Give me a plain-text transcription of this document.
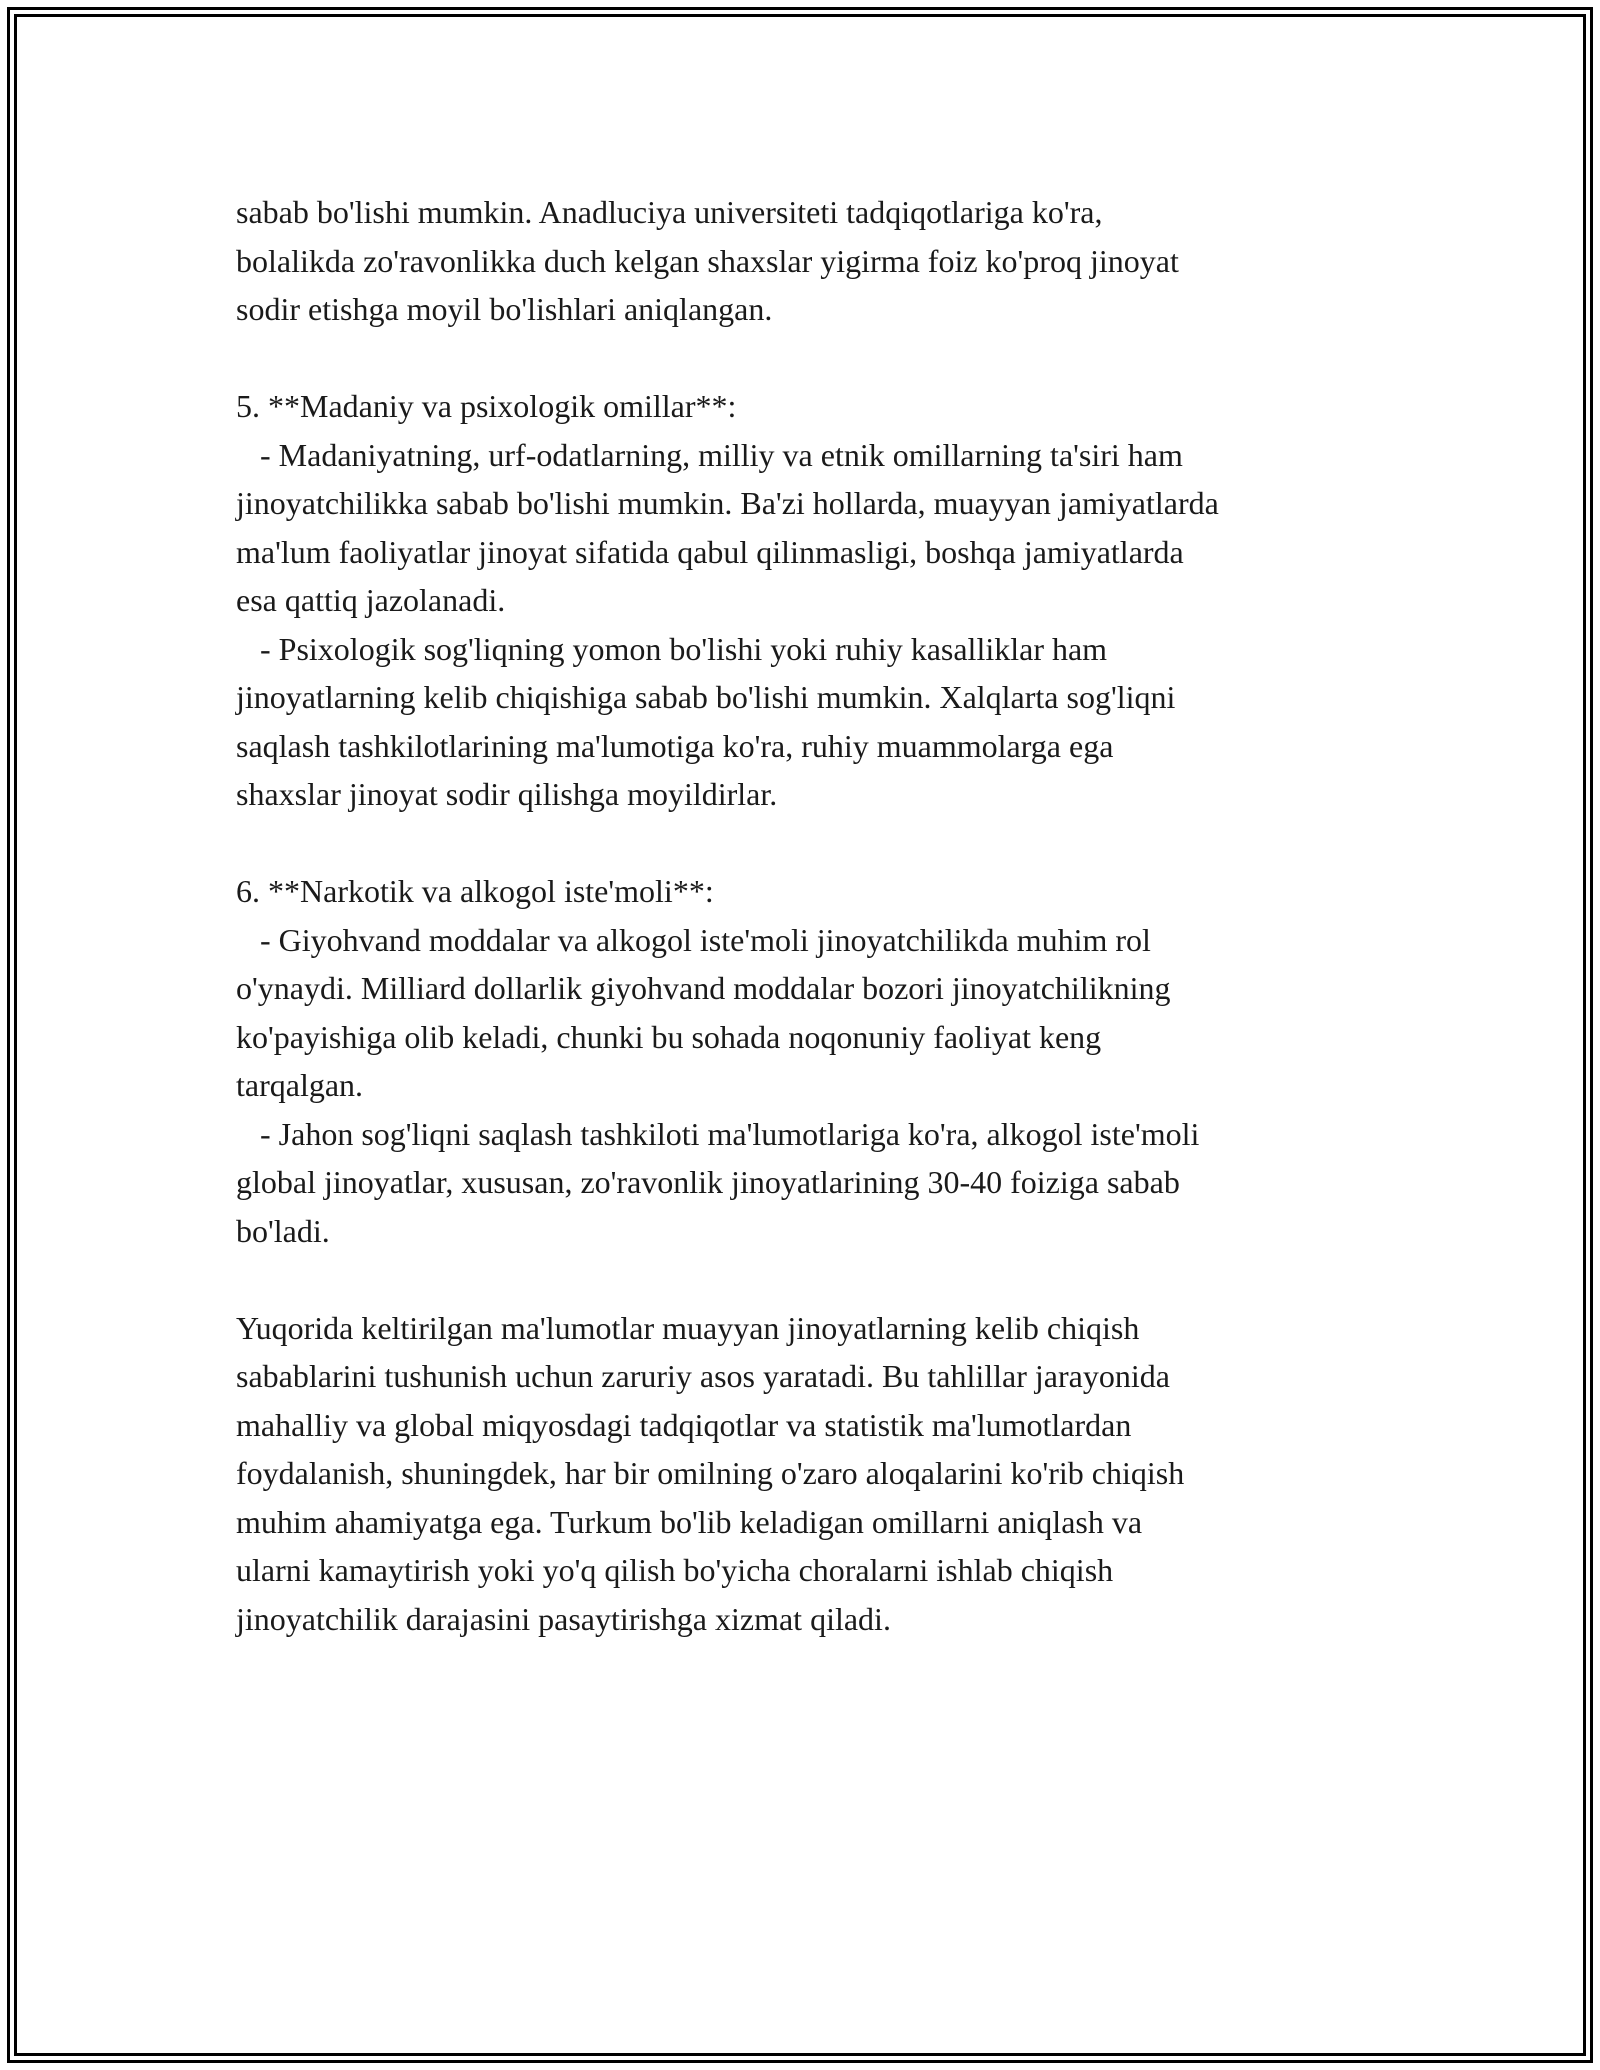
sabab bo'lishi mumkin. Anadluciya universiteti tadqiqotlariga ko'ra,
bolalikda zo'ravonlikka duch kelgan shaxslar yigirma foiz ko'proq jinoyat
sodir etishga moyil bo'lishlari aniqlangan.
5. **Madaniy va psixologik omillar**:
- Madaniyatning, urf-odatlarning, milliy va etnik omillarning ta'siri ham
jinoyatchilikka sabab bo'lishi mumkin. Ba'zi hollarda, muayyan jamiyatlarda
ma'lum faoliyatlar jinoyat sifatida qabul qilinmasligi, boshqa jamiyatlarda
esa qattiq jazolanadi.
- Psixologik sog'liqning yomon bo'lishi yoki ruhiy kasalliklar ham
jinoyatlarning kelib chiqishiga sabab bo'lishi mumkin. Xalqlarta sog'liqni
saqlash tashkilotlarining ma'lumotiga ko'ra, ruhiy muammolarga ega
shaxslar jinoyat sodir qilishga moyildirlar.
6. **Narkotik va alkogol iste'moli**:
- Giyohvand moddalar va alkogol iste'moli jinoyatchilikda muhim rol
o'ynaydi. Milliard dollarlik giyohvand moddalar bozori jinoyatchilikning
ko'payishiga olib keladi, chunki bu sohada noqonuniy faoliyat keng
tarqalgan.
- Jahon sog'liqni saqlash tashkiloti ma'lumotlariga ko'ra, alkogol iste'moli
global jinoyatlar, xususan, zo'ravonlik jinoyatlarining 30-40 foiziga sabab
bo'ladi.
Yuqorida keltirilgan ma'lumotlar muayyan jinoyatlarning kelib chiqish
sabablarini tushunish uchun zaruriy asos yaratadi. Bu tahlillar jarayonida
mahalliy va global miqyosdagi tadqiqotlar va statistik ma'lumotlardan
foydalanish, shuningdek, har bir omilning o'zaro aloqalarini ko'rib chiqish
muhim ahamiyatga ega. Turkum bo'lib keladigan omillarni aniqlash va
ularni kamaytirish yoki yo'q qilish bo'yicha choralarni ishlab chiqish
jinoyatchilik darajasini pasaytirishga xizmat qiladi.
